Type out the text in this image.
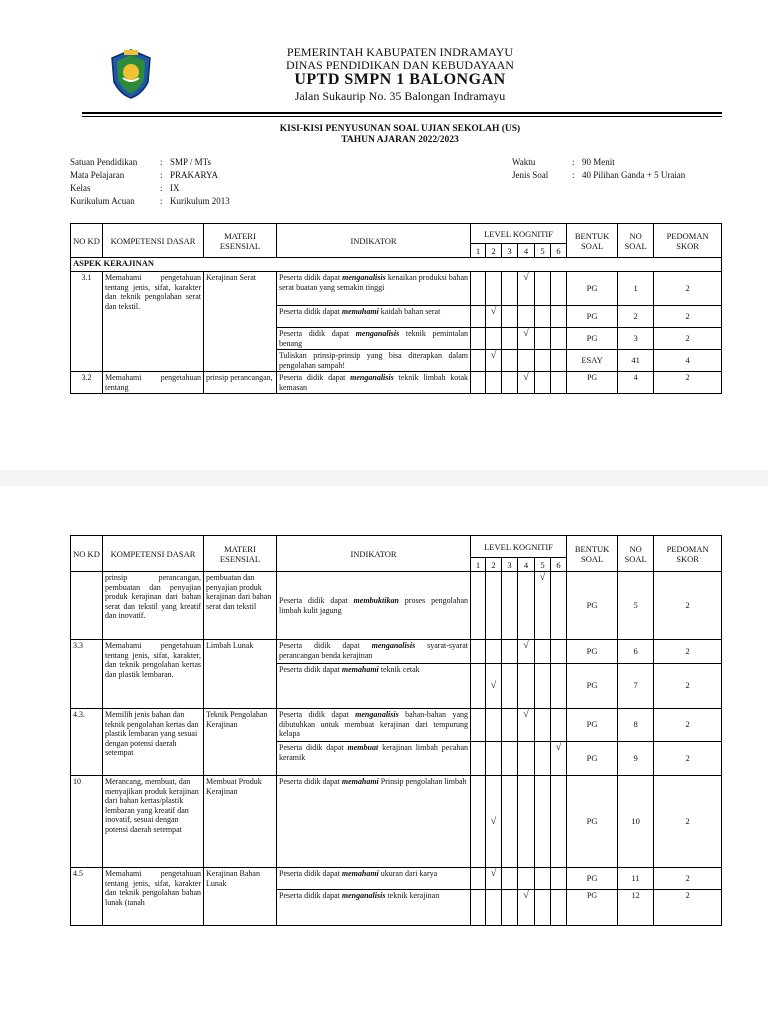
PEMERINTAH KABUPATEN INDRAMAYU
DINAS PENDIDIKAN DAN KEBUDAYAAN
UPTD SMPN 1 BALONGAN
Jalan Sukaurip No. 35 Balongan Indramayu
KISI-KISI PENYUSUNAN SOAL UJIAN SEKOLAH (US)
TAHUN AJARAN 2022/2023
Satuan Pendidikan	: SMP / MTs
Mata Pelajaran	: PRAKARYA
Kelas	: IX
Kurikulum Acuan	: Kurikulum 2013
Waktu	: 90 Menit
Jenis Soal	: 40 Pilihan Ganda + 5 Uraian
NO KD	KOMPETENSI DASAR	MATERI ESENSIAL	INDIKATOR	LEVEL KOGNITIF						BENTUK SOAL	NO SOAL	PEDOMAN SKOR
				1	2	3	4	5	6			
ASPEK KERAJINAN												
3.1	Memahami pengetahuan tentang jenis, sifat, karakter dan teknik pengolahan serat dan tekstil.	Kerajinan Serat	Peserta didik dapat menganalisis kenaikan produksi bahan serat buatan yang semakin tinggi				√			PG	1	2
			Peserta didik dapat memahami kaidah bahan serat		√					PG	2	2
			Peserta didik dapat menganalisis teknik pemintalan benang				√			PG	3	2
			Tuliskan prinsip-prinsip yang bisa diterapkan dalam pengolahan sampah!		√					ESAY	41	4
3.2	Memahami pengetahuan tentang	prinsip perancangan,	Peserta didik dapat menganalisis teknik limbah kotak kemasan				√			PG	4	2
NO KD	KOMPETENSI DASAR	MATERI ESENSIAL	INDIKATOR	LEVEL KOGNITIF						BENTUK SOAL	NO SOAL	PEDOMAN SKOR
				1	2	3	4	5	6			
	prinsip perancangan, pembuatan dan penyajian produk kerajinan dari bahan serat dan tekstil yang kreatif dan inovatif.	pembuatan dan penyajian produk kerajinan dari bahan serat dan tekstil	Peserta didik dapat membuktikan proses pengolahan limbah kulit jagung					√		PG	5	2
3.3	Memahami pengetahuan tentang jenis, sifat, karakter, dan teknik pengolahan kertas dan plastik lembaran.	Limbah Lunak	Peserta didik dapat menganalisis syarat-syarat perancangan benda kerajinan				√			PG	6	2
			Peserta didik dapat memahami teknik cetak		√					PG	7	2
4.3.	Memilih jenis bahan dan teknik pengolahan kertas dan plastik lembaran yang sesuai dengan potensi daerah setempat	Teknik Pengolahan Kerajinan	Peserta didik dapat menganalisis bahan-bahan yang dibutuhkan untuk membuat kerajinan dari tempurung kelapa				√			PG	8	2
			Peserta didik dapat membuat kerajinan limbah pecahan keramik						√	PG	9	2
10	Merancang, membuat, dan menyajikan produk kerajinan dari bahan kertas/plastik lembaran yang kreatif dan inovatif, sesuai dengan potensi daerah setempat	Membuat Produk Kerajinan	Peserta didik dapat memahami Prinsip pengolahan limbah		√					PG	10	2
4.5	Memahami pengetahuan tentang jenis, sifat, karakter dan teknik pengolahan bahan lunak (tanah	Kerajinan Bahan Lunak	Peserta didik dapat memahami ukuran dari karya		√					PG	11	2
			Peserta didik dapat menganalisis teknik kerajinan				√			PG	12	2
